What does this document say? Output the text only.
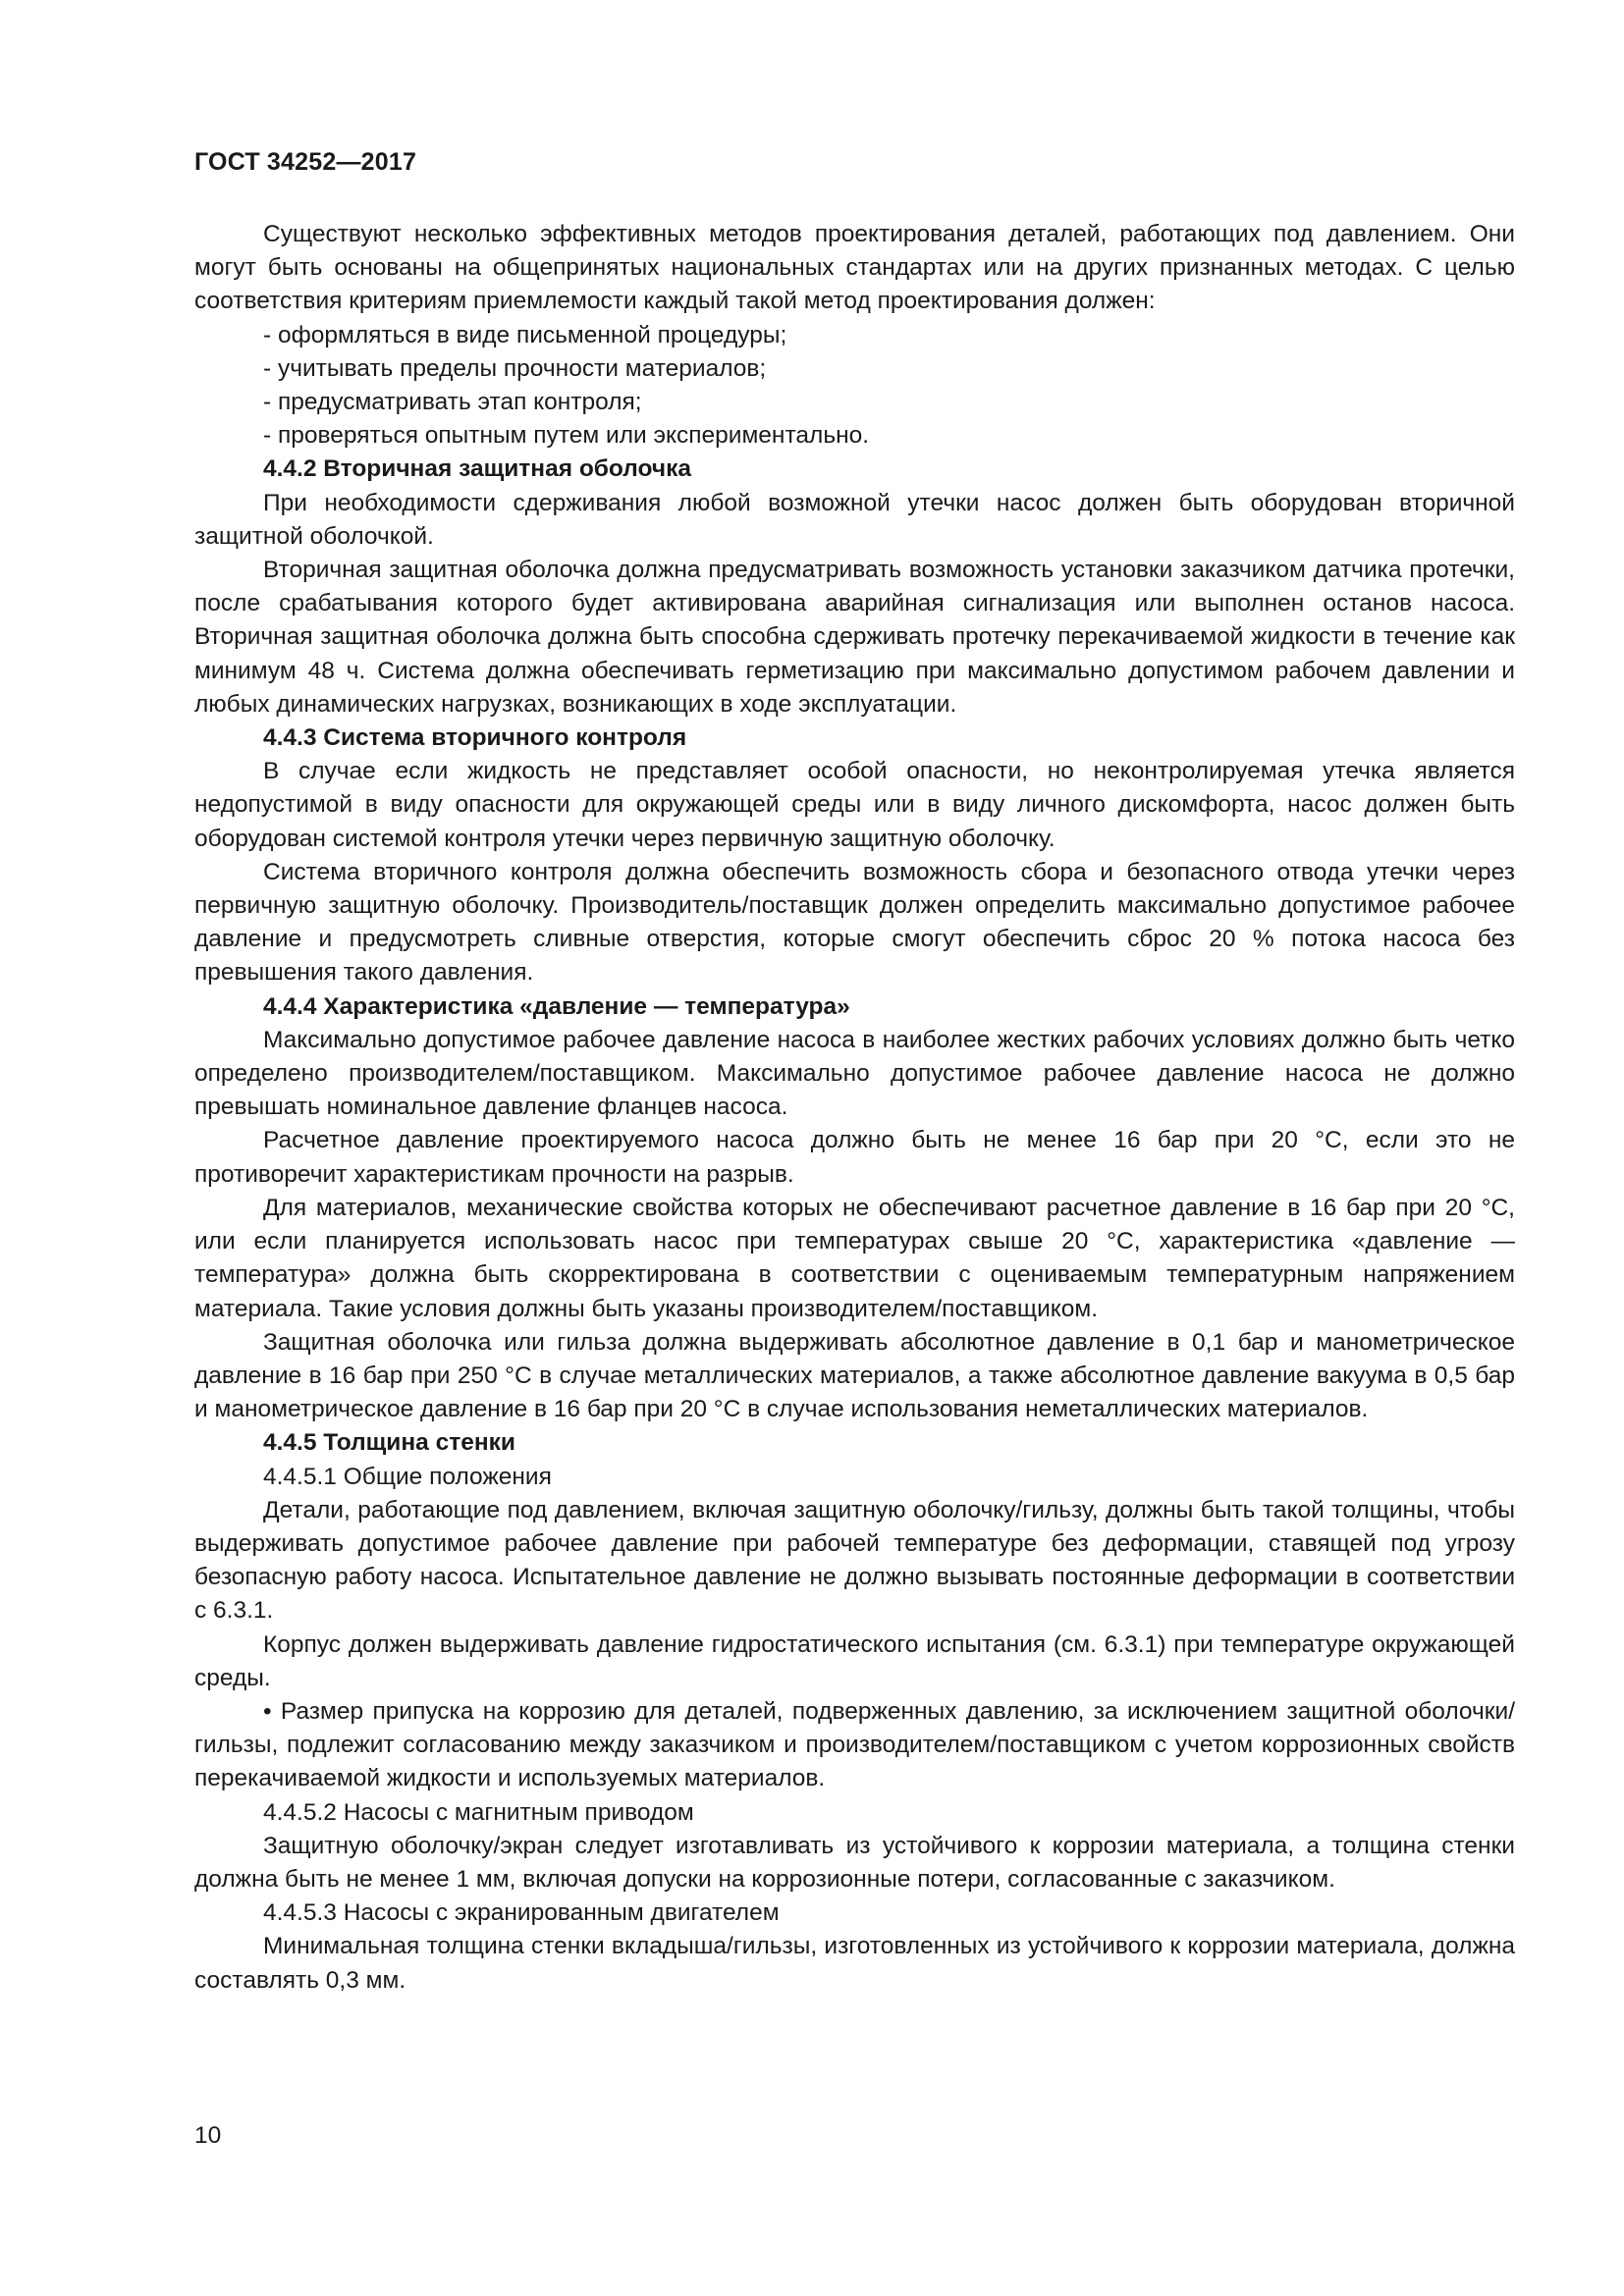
ГОСТ 34252—2017

Существуют несколько эффективных методов проектирования деталей, работающих под давлением. Они могут быть основаны на общепринятых национальных стандартах или на других признанных методах. С целью соответствия критериям приемлемости каждый такой метод проектирования должен:

- оформляться в виде письменной процедуры;

- учитывать пределы прочности материалов;

- предусматривать этап контроля;

- проверяться опытным путем или экспериментально.

4.4.2 Вторичная защитная оболочка

При необходимости сдерживания любой возможной утечки насос должен быть оборудован вторичной защитной оболочкой.

Вторичная защитная оболочка должна предусматривать возможность установки заказчиком датчика протечки, после срабатывания которого будет активирована аварийная сигнализация или выполнен останов насоса. Вторичная защитная оболочка должна быть способна сдерживать протечку перекачиваемой жидкости в течение как минимум 48 ч. Система должна обеспечивать герметизацию при максимально допустимом рабочем давлении и любых динамических нагрузках, возникающих в ходе эксплуатации.

4.4.3 Система вторичного контроля

В случае если жидкость не представляет особой опасности, но неконтролируемая утечка является недопустимой в виду опасности для окружающей среды или в виду личного дискомфорта, насос должен быть оборудован системой контроля утечки через первичную защитную оболочку.

Система вторичного контроля должна обеспечить возможность сбора и безопасного отвода утечки через первичную защитную оболочку. Производитель/поставщик должен определить максимально допустимое рабочее давление и предусмотреть сливные отверстия, которые смогут обеспечить сброс 20 % потока насоса без превышения такого давления.

4.4.4 Характеристика «давление — температура»

Максимально допустимое рабочее давление насоса в наиболее жестких рабочих условиях должно быть четко определено производителем/поставщиком. Максимально допустимое рабочее давление насоса не должно превышать номинальное давление фланцев насоса.

Расчетное давление проектируемого насоса должно быть не менее 16 бар при 20 °С, если это не противоречит характеристикам прочности на разрыв.

Для материалов, механические свойства которых не обеспечивают расчетное давление в 16 бар при 20 °С, или если планируется использовать насос при температурах свыше 20 °С, характеристика «давление — температура» должна быть скорректирована в соответствии с оцениваемым температурным напряжением материала. Такие условия должны быть указаны производителем/поставщиком.

Защитная оболочка или гильза должна выдерживать абсолютное давление в 0,1 бар и манометрическое давление в 16 бар при 250 °С в случае металлических материалов, а также абсолютное давление вакуума в 0,5 бар и манометрическое давление в 16 бар при 20 °С в случае использования неметаллических материалов.

4.4.5 Толщина стенки

4.4.5.1 Общие положения

Детали, работающие под давлением, включая защитную оболочку/гильзу, должны быть такой толщины, чтобы выдерживать допустимое рабочее давление при рабочей температуре без деформации, ставящей под угрозу безопасную работу насоса. Испытательное давление не должно вызывать постоянные деформации в соответствии с 6.3.1.

Корпус должен выдерживать давление гидростатического испытания (см. 6.3.1) при температуре окружающей среды.

• Размер припуска на коррозию для деталей, подверженных давлению, за исключением защитной оболочки/гильзы, подлежит согласованию между заказчиком и производителем/поставщиком с учетом коррозионных свойств перекачиваемой жидкости и используемых материалов.

4.4.5.2 Насосы с магнитным приводом

Защитную оболочку/экран следует изготавливать из устойчивого к коррозии материала, а толщина стенки должна быть не менее 1 мм, включая допуски на коррозионные потери, согласованные с заказчиком.

4.4.5.3 Насосы с экранированным двигателем

Минимальная толщина стенки вкладыша/гильзы, изготовленных из устойчивого к коррозии материала, должна составлять 0,3 мм.

10
